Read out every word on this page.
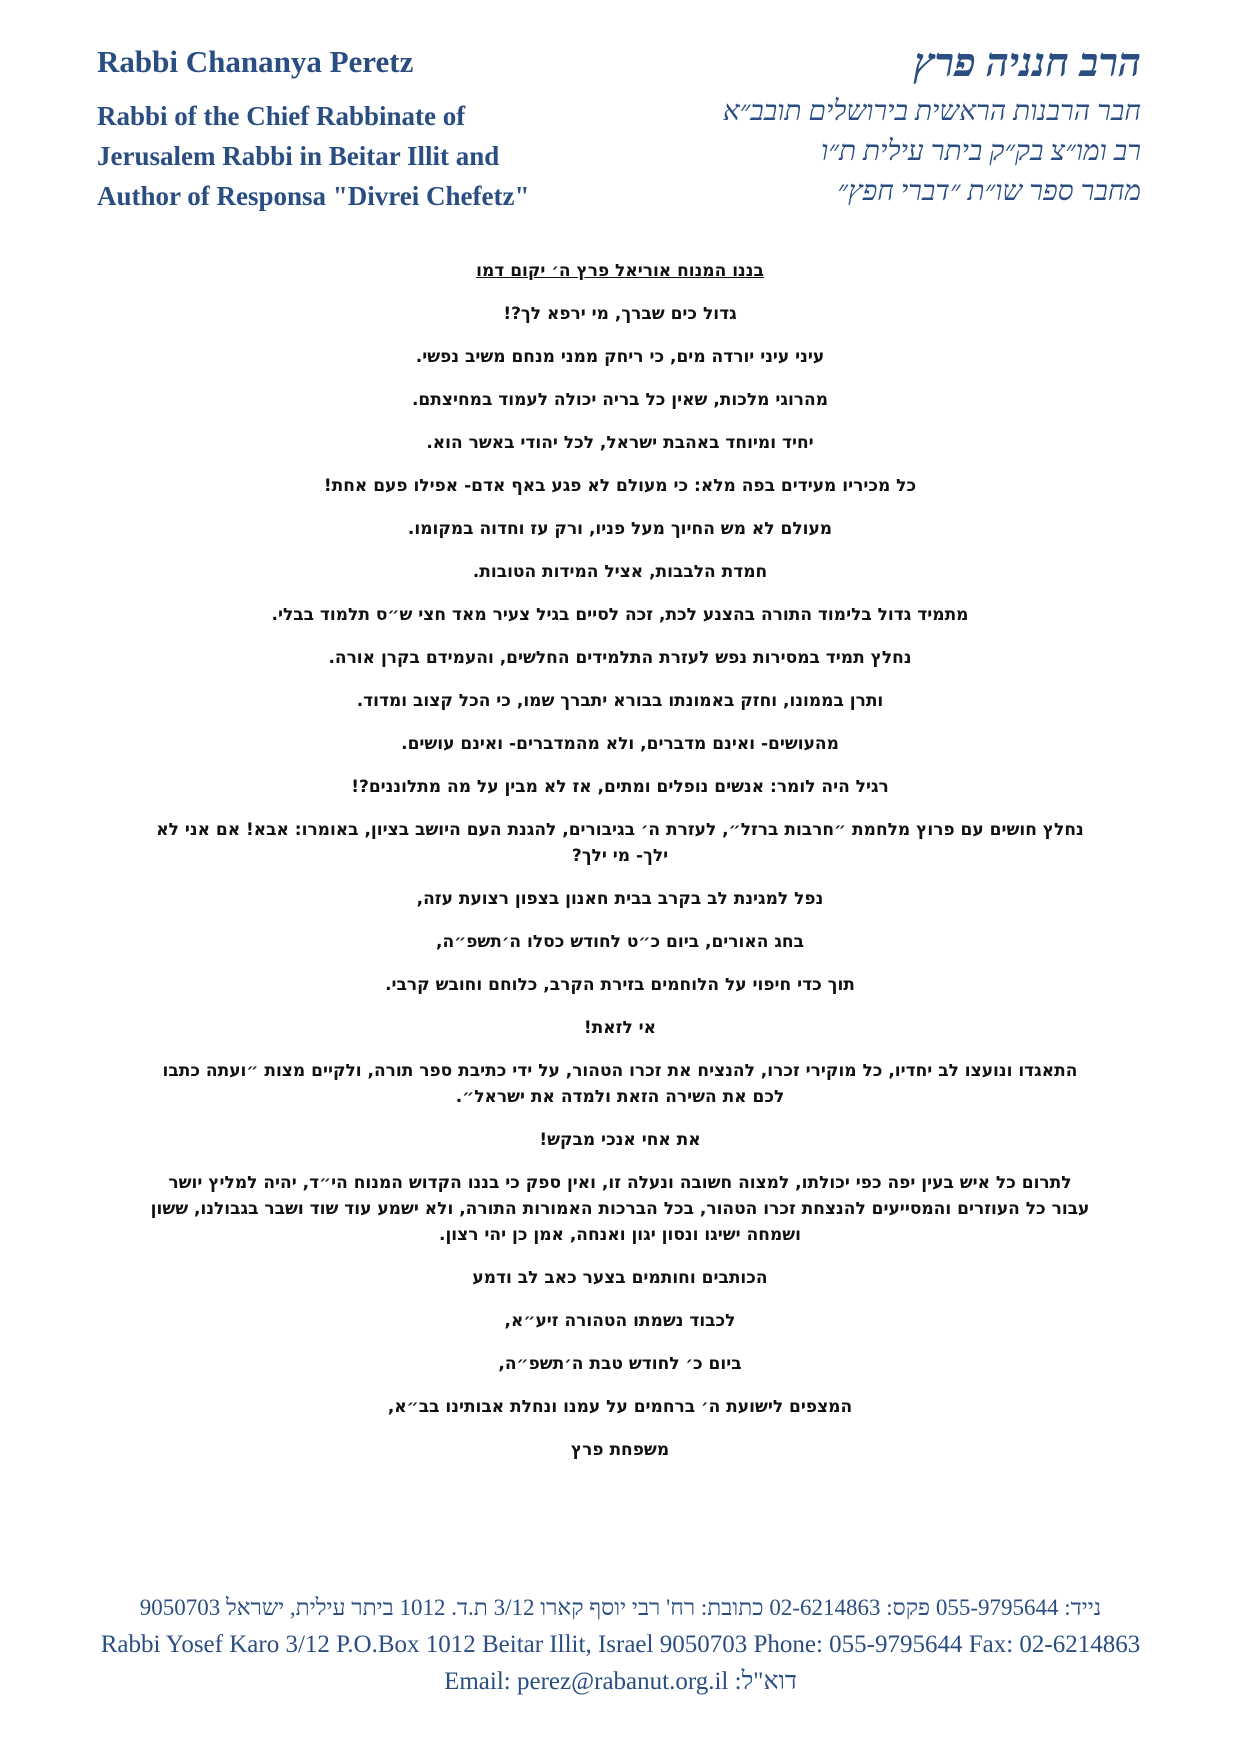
Rabbi Chananya Peretz

Rabbi of the Chief Rabbinate of

Jerusalem Rabbi in Beitar Illit and

Author of Responsa "Divrei Chefetz"

הרב חנניה פרץ

חבר הרבנות הראשית בירושלים תובב״א

רב ומו״צ בק״ק ביתר עילית ת״ו

מחבר ספר שו״ת ״דברי חפץ״

בננו המנוח אוריאל פרץ ה׳ יקום דמו

גדול כים שברך, מי ירפא לך?!

עיני עיני יורדה מים, כי ריחק ממני מנחם משיב נפשי.

מהרוגי מלכות, שאין כל בריה יכולה לעמוד במחיצתם.

יחיד ומיוחד באהבת ישראל, לכל יהודי באשר הוא.

כל מכיריו מעידים בפה מלא: כי מעולם לא פגע באף אדם- אפילו פעם אחת!

מעולם לא מש החיוך מעל פניו, ורק עז וחדוה במקומו.

חמדת הלבבות, אציל המידות הטובות.

מתמיד גדול בלימוד התורה בהצנע לכת, זכה לסיים בגיל צעיר מאד חצי ש״ס תלמוד בבלי.

נחלץ תמיד במסירות נפש לעזרת התלמידים החלשים, והעמידם בקרן אורה.

ותרן בממונו, וחזק באמונתו בבורא יתברך שמו, כי הכל קצוב ומדוד.

מהעושים- ואינם מדברים, ולא מהמדברים- ואינם עושים.

רגיל היה לומר: אנשים נופלים ומתים, אז לא מבין על מה מתלוננים?!

נחלץ חושים עם פרוץ מלחמת ״חרבות ברזל״, לעזרת ה׳ בגיבורים, להגנת העם היושב בציון, באומרו: אבא! אם אני לא ילך- מי ילך?

נפל למגינת לב בקרב בבית חאנון בצפון רצועת עזה,

בחג האורים, ביום כ״ט לחודש כסלו ה׳תשפ״ה,

תוך כדי חיפוי על הלוחמים בזירת הקרב, כלוחם וחובש קרבי.

אי לזאת!

התאגדו ונועצו לב יחדיו, כל מוקירי זכרו, להנציח את זכרו הטהור, על ידי כתיבת ספר תורה, ולקיים מצות ״ועתה כתבו לכם את השירה הזאת ולמדה את ישראל״.

את אחי אנכי מבקש!

לתרום כל איש בעין יפה כפי יכולתו, למצוה חשובה ונעלה זו, ואין ספק כי בננו הקדוש המנוח הי״ד, יהיה למליץ יושר עבור כל העוזרים והמסייעים להנצחת זכרו הטהור, בכל הברכות האמורות התורה, ולא ישמע עוד שוד ושבר בגבולנו, ששון ושמחה ישיגו ונסון יגון ואנחה, אמן כן יהי רצון.

הכותבים וחותמים בצער כאב לב ודמע

לכבוד נשמתו הטהורה זיע״א,

ביום כ׳ לחודש טבת ה׳תשפ״ה,

המצפים לישועת ה׳ ברחמים על עמנו ונחלת אבותינו בב״א,

משפחת פרץ

נייד: 055-9795644 פקס: 02-6214863 כתובת: רח' רבי יוסף קארו 3/12 ת.ד. 1012 ביתר עילית, ישראל 9050703

Rabbi Yosef Karo 3/12 P.O.Box 1012 Beitar Illit, Israel 9050703 Phone: 055-9795644 Fax: 02-6214863

Email: perez@rabanut.org.il :דוא"ל
